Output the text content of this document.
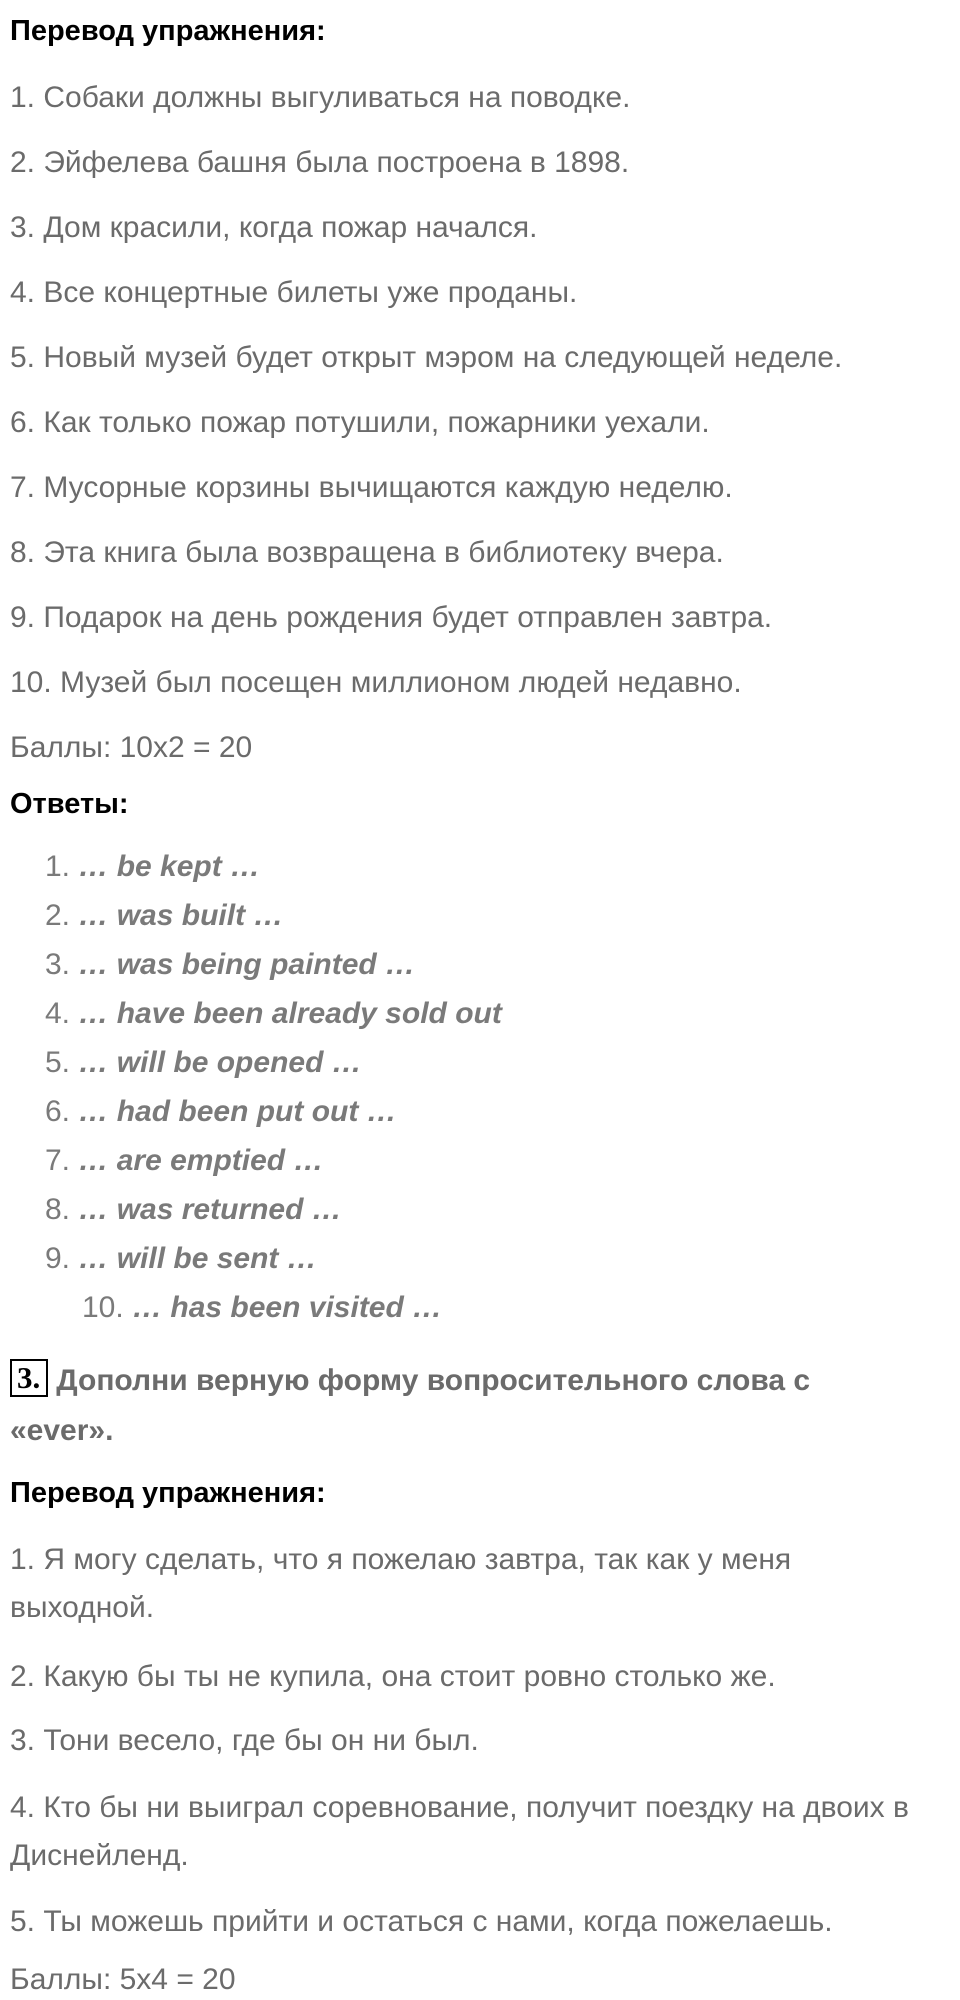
Перевод упражнения:
1. Собаки должны выгуливаться на поводке.
2. Эйфелева башня была построена в 1898.
3. Дом красили, когда пожар начался.
4. Все концертные билеты уже проданы.
5. Новый музей будет открыт мэром на следующей неделе.
6. Как только пожар потушили, пожарники уехали.
7. Мусорные корзины вычищаются каждую неделю.
8. Эта книга была возвращена в библиотеку вчера.
9. Подарок на день рождения будет отправлен завтра.
10. Музей был посещен миллионом людей недавно.
Баллы: 10х2 = 20
Ответы:
1. … be kept …
2. … was built …
3. … was being painted …
4. … have been already sold out
5. … will be opened …
6. … had been put out …
7. … are emptied …
8. … was returned …
9. … will be sent …
10. … has been visited …
3. Дополни верную форму вопросительного слова с «ever».
Перевод упражнения:
1. Я могу сделать, что я пожелаю завтра, так как у меня выходной.
2. Какую бы ты не купила, она стоит ровно столько же.
3. Тони весело, где бы он ни был.
4. Кто бы ни выиграл соревнование, получит поездку на двоих в Диснейленд.
5. Ты можешь прийти и остаться с нами, когда пожелаешь.
Баллы: 5х4 = 20
